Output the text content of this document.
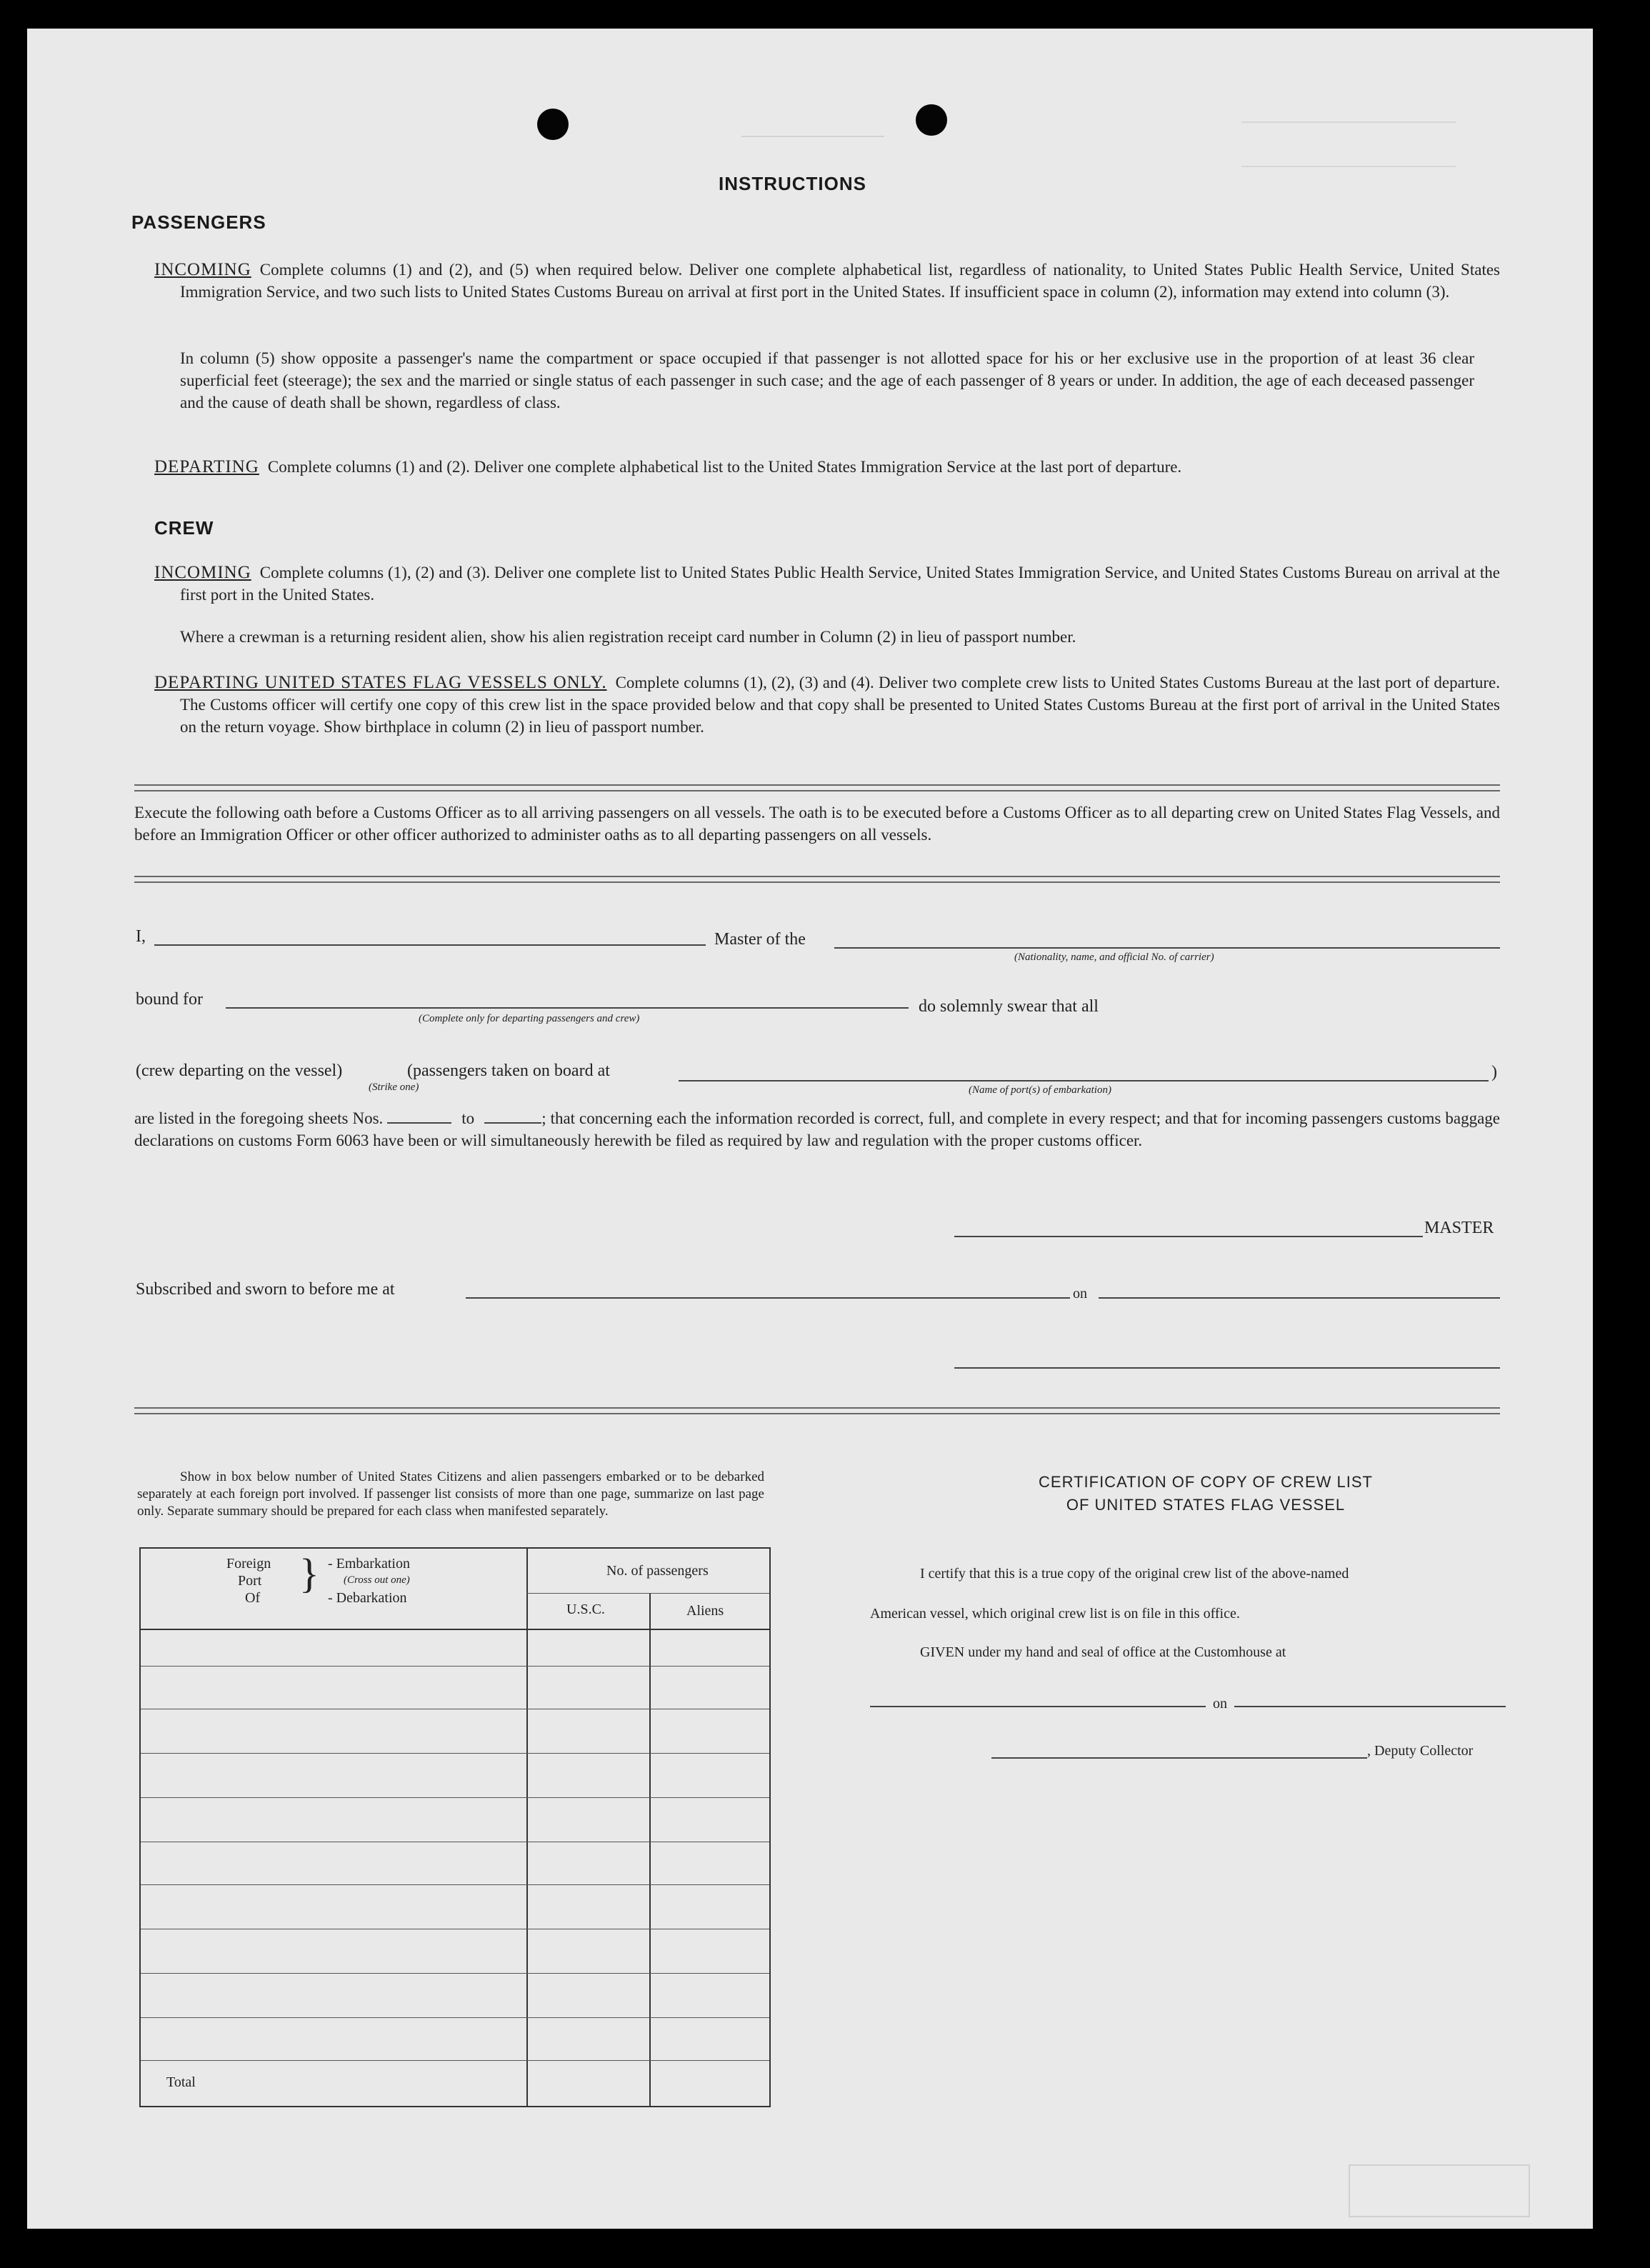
INSTRUCTIONS
PASSENGERS
INCOMING Complete columns (1) and (2), and (5) when required below. Deliver one complete alphabetical list, regardless of nationality, to United States Public Health Service, United States Immigration Service, and two such lists to United States Customs Bureau on arrival at first port in the United States. If insufficient space in column (2), information may extend into column (3).
In column (5) show opposite a passenger's name the compartment or space occupied if that passenger is not allotted space for his or her exclusive use in the proportion of at least 36 clear superficial feet (steerage); the sex and the married or single status of each passenger in such case; and the age of each passenger of 8 years or under. In addition, the age of each deceased passenger and the cause of death shall be shown, regardless of class.
DEPARTING Complete columns (1) and (2). Deliver one complete alphabetical list to the United States Immigration Service at the last port of departure.
CREW
INCOMING Complete columns (1), (2) and (3). Deliver one complete list to United States Public Health Service, United States Immigration Service, and United States Customs Bureau on arrival at the first port in the United States.
Where a crewman is a returning resident alien, show his alien registration receipt card number in Column (2) in lieu of passport number.
DEPARTING UNITED STATES FLAG VESSELS ONLY. Complete columns (1), (2), (3) and (4). Deliver two complete crew lists to United States Customs Bureau at the last port of departure. The Customs officer will certify one copy of this crew list in the space provided below and that copy shall be presented to United States Customs Bureau at the first port of arrival in the United States on the return voyage. Show birthplace in column (2) in lieu of passport number.
Execute the following oath before a Customs Officer as to all arriving passengers on all vessels. The oath is to be executed before a Customs Officer as to all departing crew on United States Flag Vessels, and before an Immigration Officer or other officer authorized to administer oaths as to all departing passengers on all vessels.
I,	Master of the
(Nationality, name, and official No. of carrier)
bound for
(Complete only for departing passengers and crew)
do solemnly swear that all
(crew departing on the vessel)
(Strike one)
(passengers taken on board at
(Name of port(s) of embarkation)
)
are listed in the foregoing sheets Nos.	to	; that concerning each the information recorded is correct, full, and complete in every respect; and that for incoming passengers customs baggage declarations on customs Form 6063 have been or will simultaneously herewith be filed as required by law and regulation with the proper customs officer.
MASTER
Subscribed and sworn to before me at	on
Show in box below number of United States Citizens and alien passengers embarked or to be debarked separately at each foreign port involved. If passenger list consists of more than one page, summarize on last page only. Separate summary should be prepared for each class when manifested separately.
Foreign
Port
Of
} - Embarkation
(Cross out one)
- Debarkation
No. of passengers
U.S.C.	Aliens
Total
CERTIFICATION OF COPY OF CREW LIST
OF UNITED STATES FLAG VESSEL
I certify that this is a true copy of the original crew list of the above-named
American vessel, which original crew list is on file in this office.
GIVEN under my hand and seal of office at the Customhouse at
on
, Deputy Collector
